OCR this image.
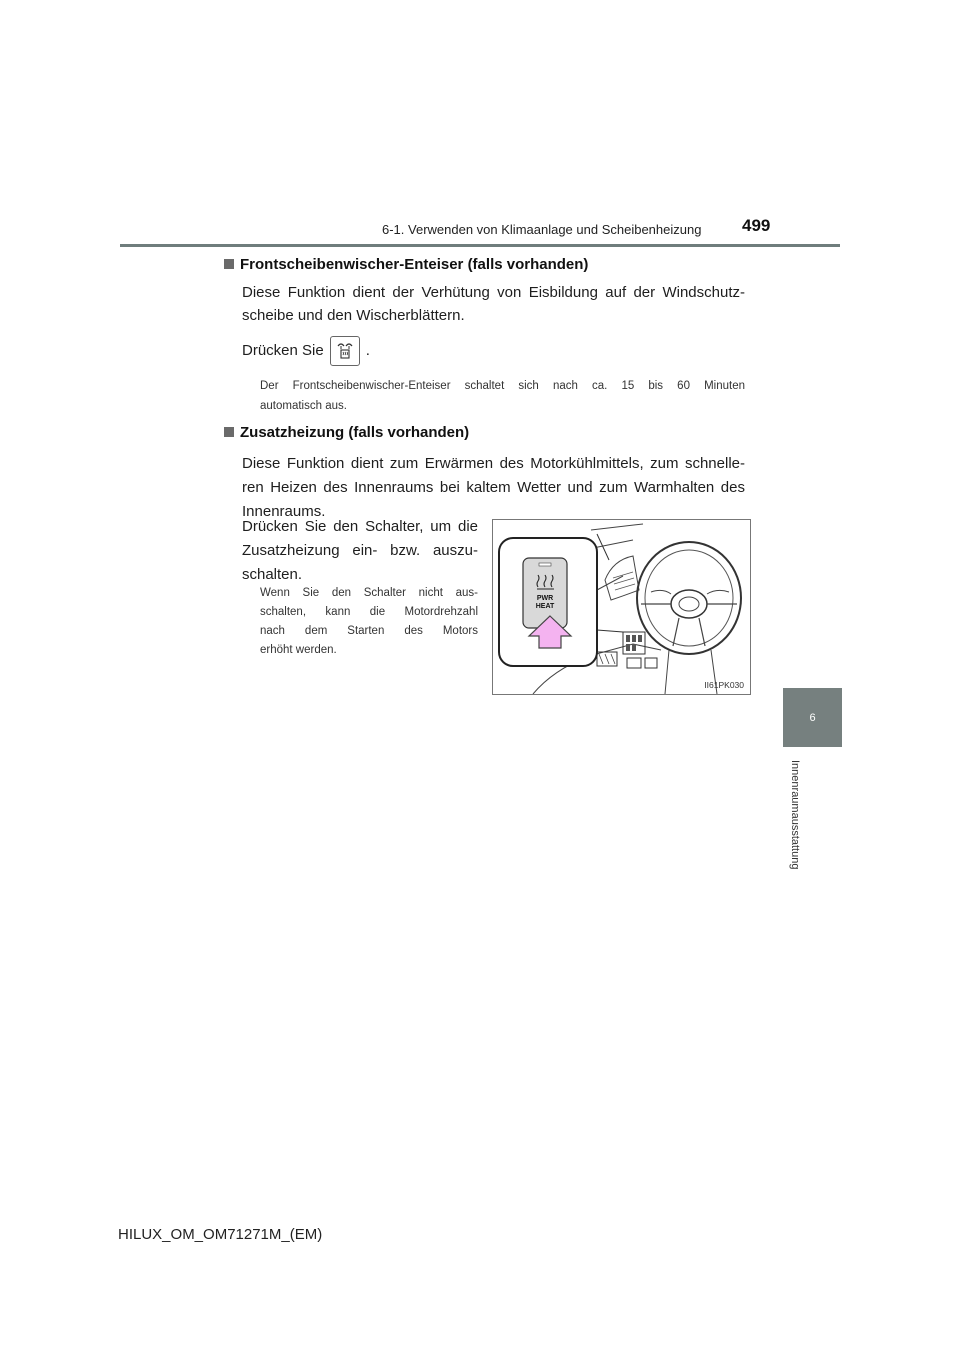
6-1. Verwenden von Klimaanlage und Scheibenheizung 499
6
Innenraumausstattung
Frontscheibenwischer-Enteiser (falls vorhanden)
Diese Funktion dient der Verhütung von Eisbildung auf der Windschutz-
scheibe und den Wischerblättern.
Drücken Sie	.
Der Frontscheibenwischer-Enteiser schaltet sich nach ca. 15 bis 60 Minuten
automatisch aus.
Zusatzheizung (falls vorhanden)
Diese Funktion dient zum Erwärmen des Motorkühlmittels, zum schnelle-
ren Heizen des Innenraums bei kaltem Wetter und zum Warmhalten des
Innenraums.
Drücken Sie den Schalter, um die
Zusatzheizung ein- bzw. auszu-
schalten.
Wenn Sie den Schalter nicht aus-
schalten, kann die Motordrehzahl
nach dem Starten des Motors
erhöht werden.
PWR
HEAT
II61PK030
HILUX_OM_OM71271M_(EM)
